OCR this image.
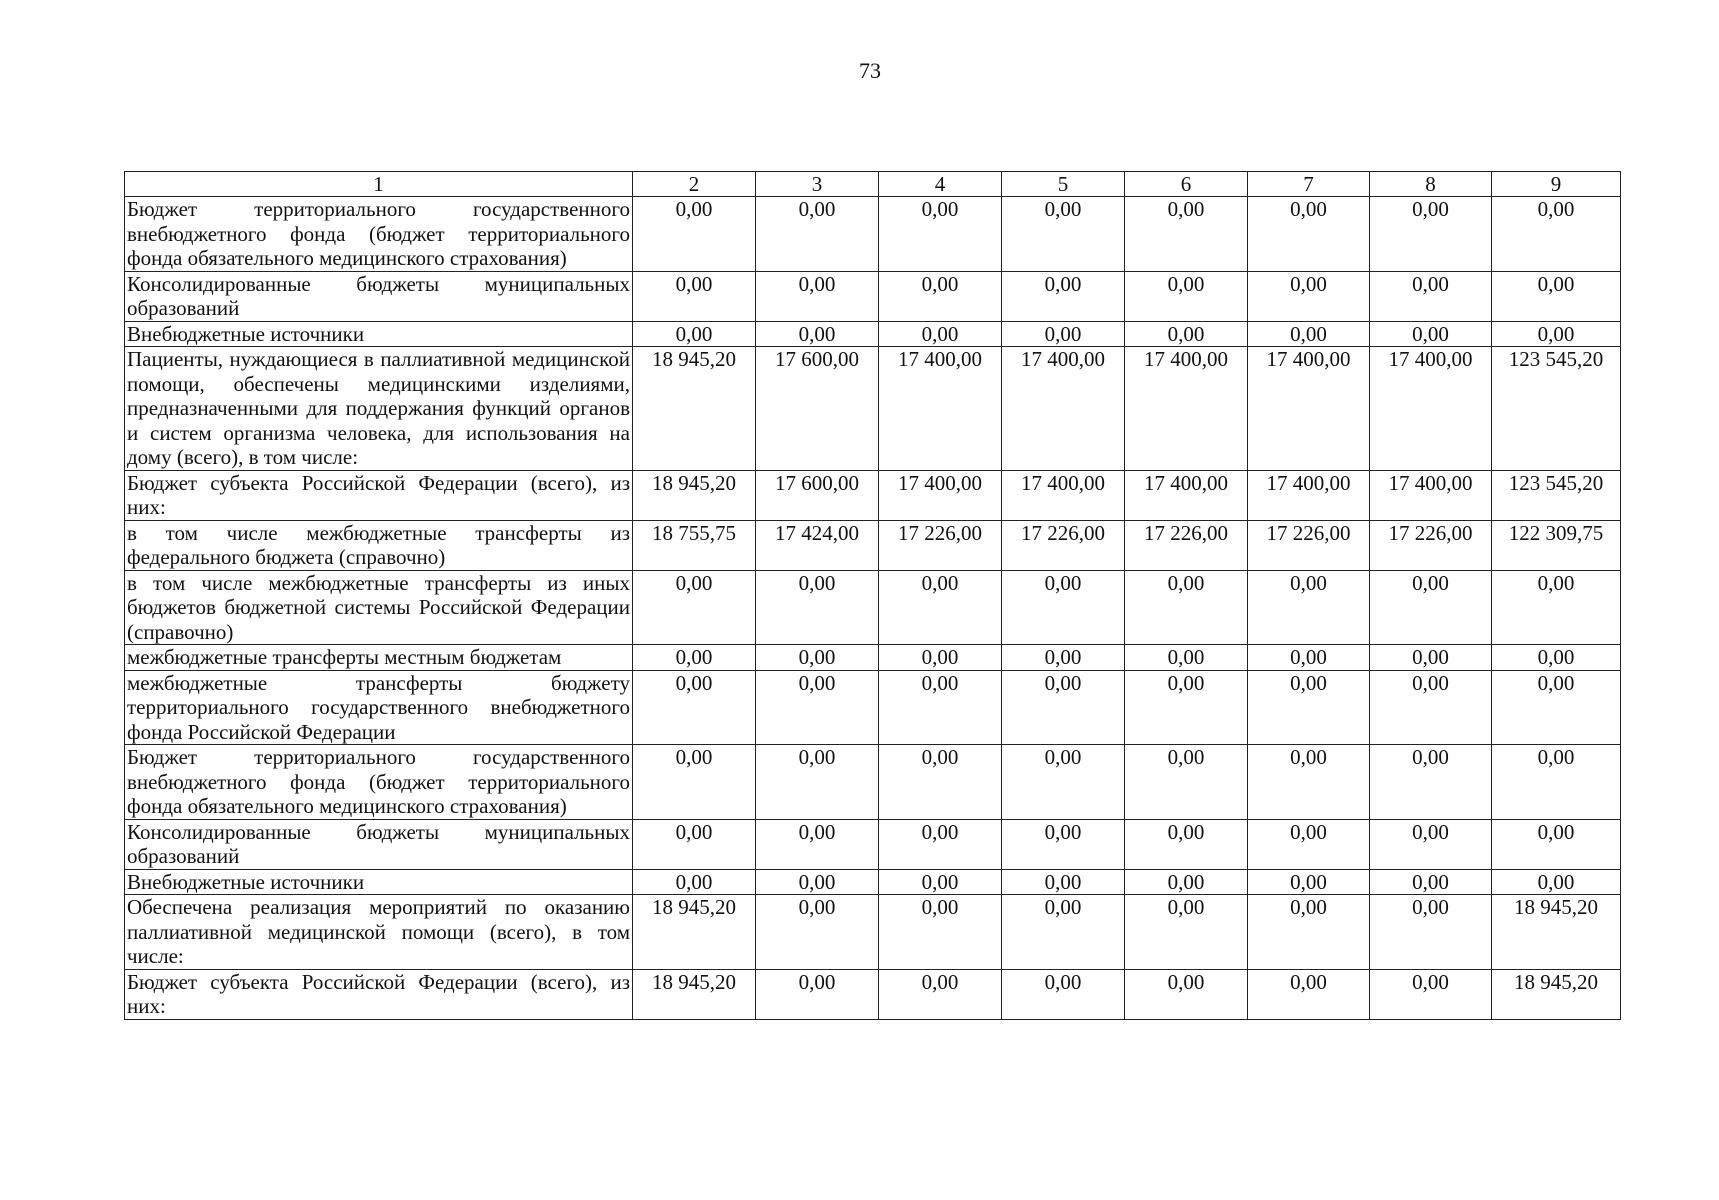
73
1	2	3	4	5	6	7	8	9
Бюджет территориального государственного внебюджетного фонда (бюджет территориального фонда обязательного медицинского страхования)	0,00	0,00	0,00	0,00	0,00	0,00	0,00	0,00
Консолидированные бюджеты муниципальных образований	0,00	0,00	0,00	0,00	0,00	0,00	0,00	0,00
Внебюджетные источники	0,00	0,00	0,00	0,00	0,00	0,00	0,00	0,00
Пациенты, нуждающиеся в паллиативной медицинской помощи, обеспечены медицинскими изделиями, предназначенными для поддержания функций органов и систем организма человека, для использования на дому (всего), в том числе:	18 945,20	17 600,00	17 400,00	17 400,00	17 400,00	17 400,00	17 400,00	123 545,20
Бюджет субъекта Российской Федерации (всего), из них:	18 945,20	17 600,00	17 400,00	17 400,00	17 400,00	17 400,00	17 400,00	123 545,20
в том числе межбюджетные трансферты из федерального бюджета (справочно)	18 755,75	17 424,00	17 226,00	17 226,00	17 226,00	17 226,00	17 226,00	122 309,75
в том числе межбюджетные трансферты из иных бюджетов бюджетной системы Российской Федерации (справочно)	0,00	0,00	0,00	0,00	0,00	0,00	0,00	0,00
межбюджетные трансферты местным бюджетам	0,00	0,00	0,00	0,00	0,00	0,00	0,00	0,00
межбюджетные трансферты бюджету территориального государственного внебюджетного фонда Российской Федерации	0,00	0,00	0,00	0,00	0,00	0,00	0,00	0,00
Бюджет территориального государственного внебюджетного фонда (бюджет территориального фонда обязательного медицинского страхования)	0,00	0,00	0,00	0,00	0,00	0,00	0,00	0,00
Консолидированные бюджеты муниципальных образований	0,00	0,00	0,00	0,00	0,00	0,00	0,00	0,00
Внебюджетные источники	0,00	0,00	0,00	0,00	0,00	0,00	0,00	0,00
Обеспечена реализация мероприятий по оказанию паллиативной медицинской помощи (всего), в том числе:	18 945,20	0,00	0,00	0,00	0,00	0,00	0,00	18 945,20
Бюджет субъекта Российской Федерации (всего), из них:	18 945,20	0,00	0,00	0,00	0,00	0,00	0,00	18 945,20
